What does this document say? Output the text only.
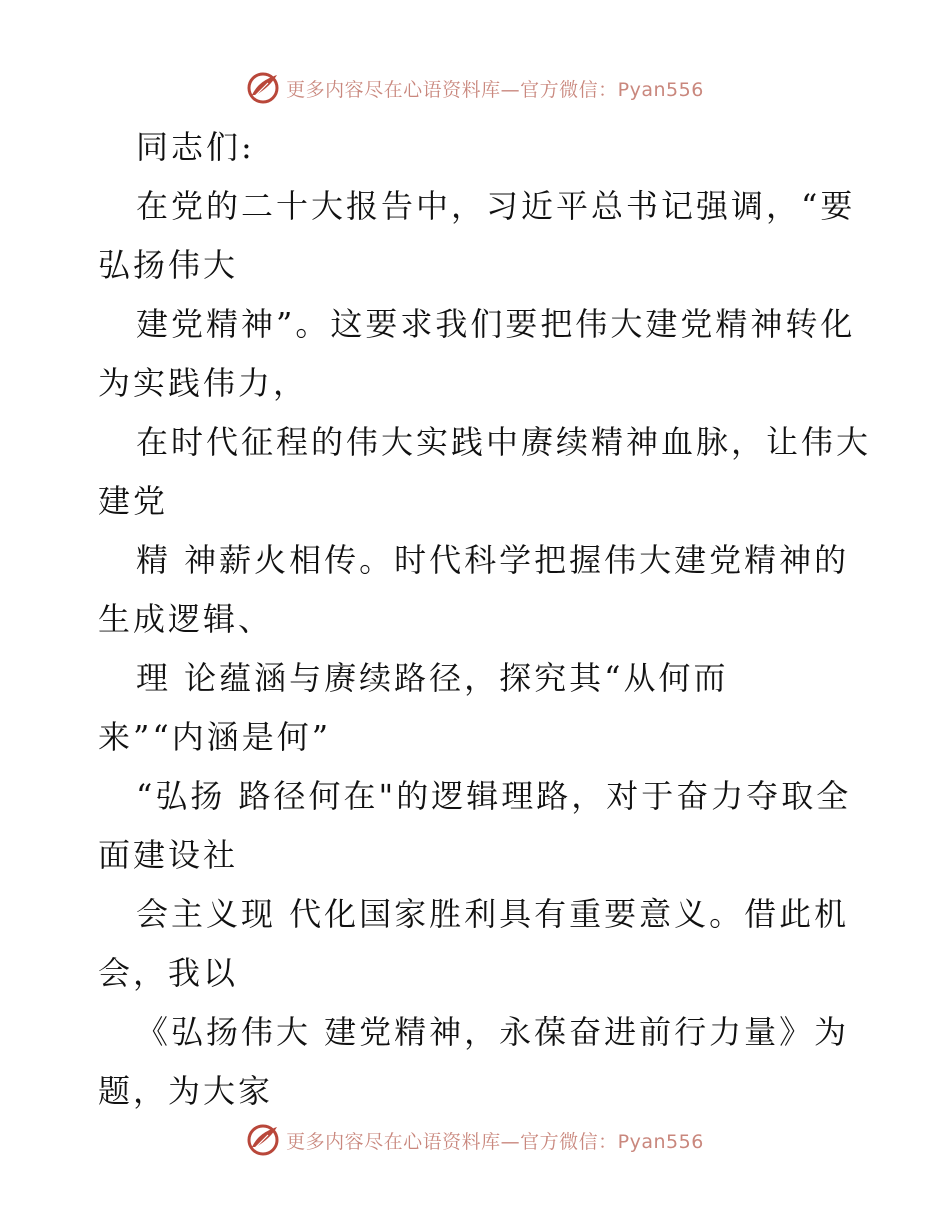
更多内容尽在心语资料库—官方微信：Pyan556
同志们:
在党的二十大报告中，习近平总书记强调，“要
弘扬伟大
建党精神”。这要求我们要把伟大建党精神转化
为实践伟力，
在时代征程的伟大实践中赓续精神血脉，让伟大
建党
精 神薪火相传。时代科学把握伟大建党精神的
生成逻辑、
理 论蕴涵与赓续路径，探究其“从何而
来”“内涵是何”
“弘扬 路径何在"的逻辑理路，对于奋力夺取全
面建设社
会主义现 代化国家胜利具有重要意义。借此机
会，我以
《弘扬伟大 建党精神，永葆奋进前行力量》为
题，为大家
更多内容尽在心语资料库—官方微信：Pyan556
